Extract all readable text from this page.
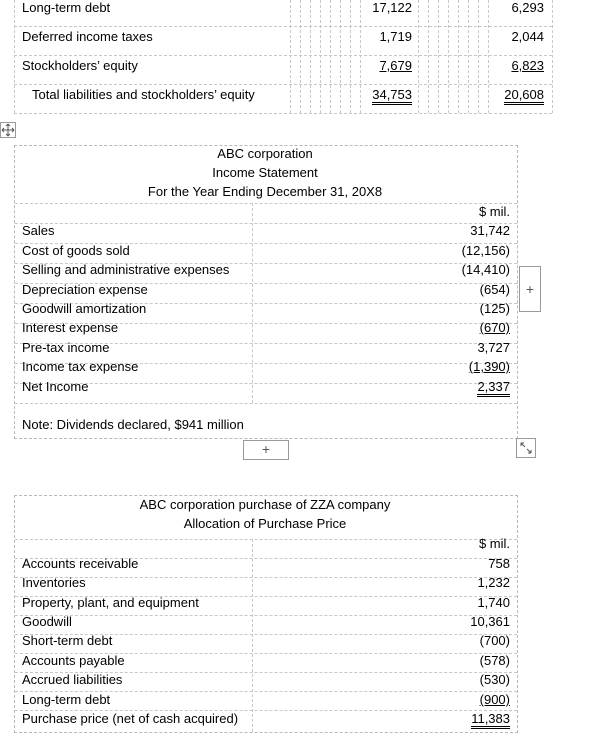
Long-term debt	17,122	6,293
Deferred income taxes	1,719	2,044
Stockholders’ equity	7,679	6,823
Total liabilities and stockholders’ equity	34,753	20,608
ABC corporation
Income Statement
For the Year Ending December 31, 20X8
$ mil.
Sales	31,742
Cost of goods sold	(12,156)
Selling and administrative expenses	(14,410)
Depreciation expense	(654)
Goodwill amortization	(125)
Interest expense	(670)
Pre-tax income	3,727
Income tax expense	(1,390)
Net Income	2,337
Note: Dividends declared, $941 million
+
+
ABC corporation purchase of ZZA company
Allocation of Purchase Price
$ mil.
Accounts receivable	758
Inventories	1,232
Property, plant, and equipment	1,740
Goodwill	10,361
Short-term debt	(700)
Accounts payable	(578)
Accrued liabilities	(530)
Long-term debt	(900)
Purchase price (net of cash acquired)	11,383
